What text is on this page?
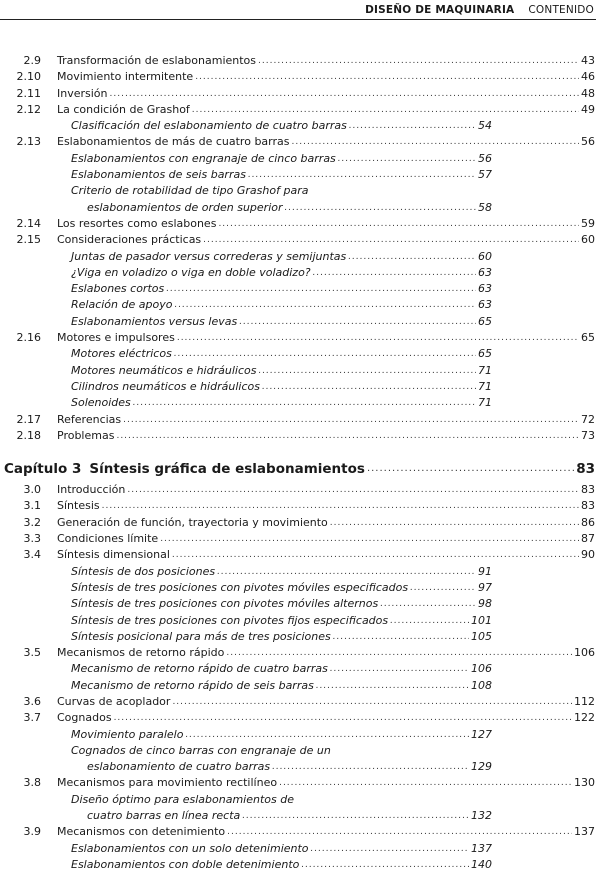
DISEÑO DE MAQUINARIA CONTENIDO
2.9 Transformación de eslabonamientos .....	43
2.10 Movimiento intermitente .....	46
2.11 Inversión .....	48
2.12 La condición de Grashof .....	49
Clasificación del eslabonamiento de cuatro barras .....	54
2.13 Eslabonamientos de más de cuatro barras .....	56
Eslabonamientos con engranaje de cinco barras .....	56
Eslabonamientos de seis barras .....	57
Criterio de rotabilidad de tipo Grashof para
eslabonamientos de orden superior .....	58
2.14 Los resortes como eslabones .....	59
2.15 Consideraciones prácticas .....	60
Juntas de pasador versus correderas y semijuntas .....	60
¿Viga en voladizo o viga en doble voladizo? .....	63
Eslabones cortos .....	63
Relación de apoyo .....	63
Eslabonamientos versus levas .....	65
2.16 Motores e impulsores .....	65
Motores eléctricos .....	65
Motores neumáticos e hidráulicos .....	71
Cilindros neumáticos e hidráulicos .....	71
Solenoides .....	71
2.17 Referencias .....	72
2.18 Problemas .....	73
Capítulo 3 Síntesis gráfica de eslabonamientos .....	83
3.0 Introducción .....	83
3.1 Síntesis .....	83
3.2 Generación de función, trayectoria y movimiento .....	86
3.3 Condiciones límite .....	87
3.4 Síntesis dimensional .....	90
Síntesis de dos posiciones .....	91
Síntesis de tres posiciones con pivotes móviles especificados .....	97
Síntesis de tres posiciones con pivotes móviles alternos .....	98
Síntesis de tres posiciones con pivotes fijos especificados .....	101
Síntesis posicional para más de tres posiciones .....	105
3.5 Mecanismos de retorno rápido .....	106
Mecanismo de retorno rápido de cuatro barras .....	106
Mecanismo de retorno rápido de seis barras .....	108
3.6 Curvas de acoplador .....	112
3.7 Cognados .....	122
Movimiento paralelo .....	127
Cognados de cinco barras con engranaje de un
eslabonamiento de cuatro barras .....	129
3.8 Mecanismos para movimiento rectilíneo .....	130
Diseño óptimo para eslabonamientos de
cuatro barras en línea recta .....	132
3.9 Mecanismos con detenimiento .....	137
Eslabonamientos con un solo detenimiento .....	137
Eslabonamientos con doble detenimiento .....	140
